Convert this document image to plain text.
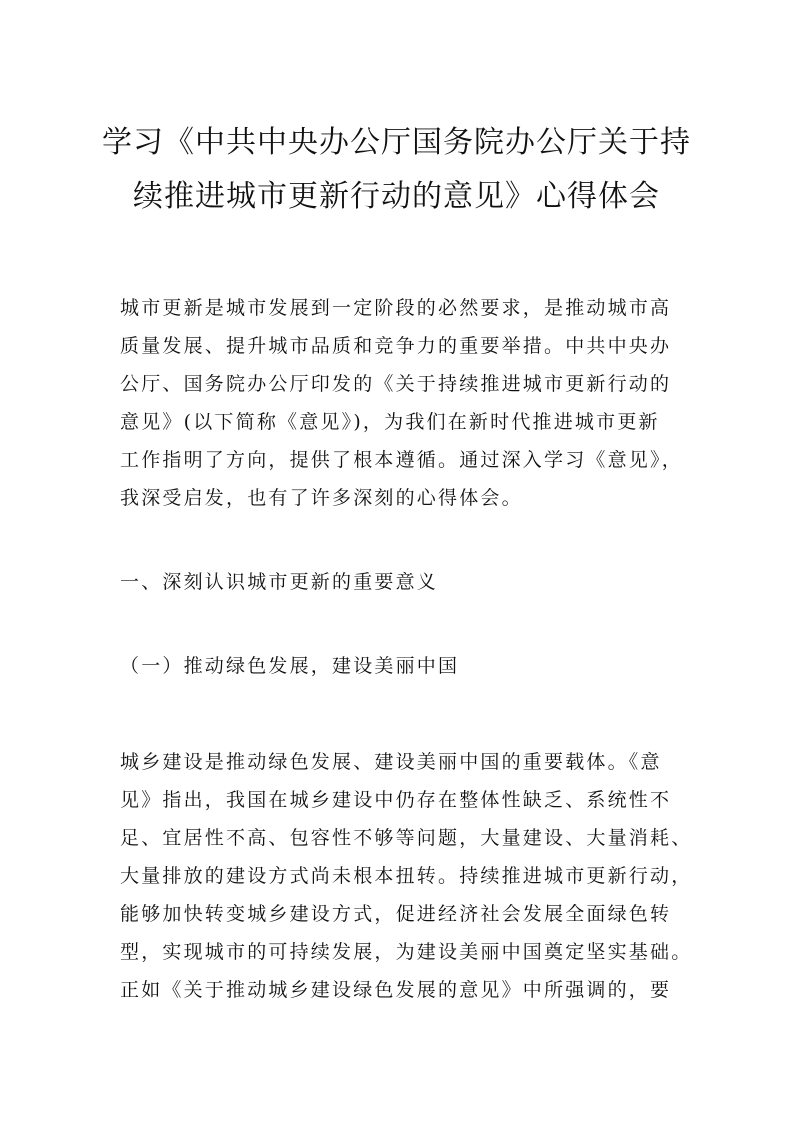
学习《中共中央办公厅国务院办公厅关于持
续推进城市更新行动的意见》心得体会
城市更新是城市发展到一定阶段的必然要求，是推动城市高
质量发展、提升城市品质和竞争力的重要举措。中共中央办
公厅、国务院办公厅印发的《关于持续推进城市更新行动的
意见》(以下简称《意见》)，为我们在新时代推进城市更新
工作指明了方向，提供了根本遵循。通过深入学习《意见》，
我深受启发，也有了许多深刻的心得体会。
一、深刻认识城市更新的重要意义
（一）推动绿色发展，建设美丽中国
城乡建设是推动绿色发展、建设美丽中国的重要载体。《意
见》指出，我国在城乡建设中仍存在整体性缺乏、系统性不
足、宜居性不高、包容性不够等问题，大量建设、大量消耗、
大量排放的建设方式尚未根本扭转。持续推进城市更新行动，
能够加快转变城乡建设方式，促进经济社会发展全面绿色转
型，实现城市的可持续发展，为建设美丽中国奠定坚实基础。
正如《关于推动城乡建设绿色发展的意见》中所强调的，要
